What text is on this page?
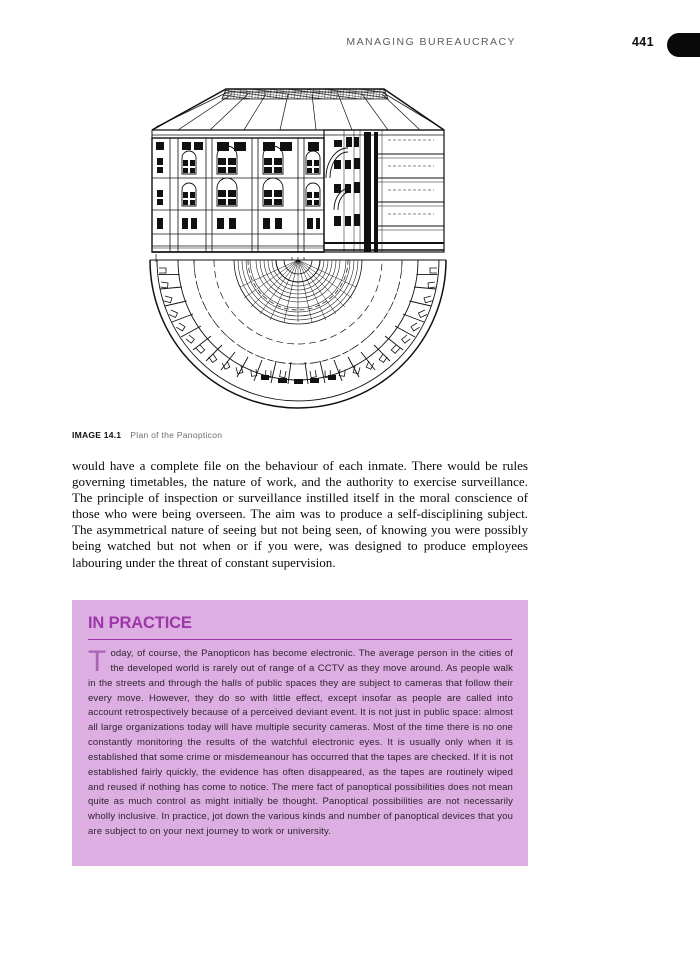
MANAGING BUREAUCRACY	441
IMAGE 14.1 Plan of the Panopticon
would have a complete file on the behaviour of each inmate. There would be rules governing timetables, the nature of work, and the authority to exercise surveillance. The principle of inspection or surveillance instilled itself in the moral conscience of those who were being overseen. The aim was to produce a self-disciplining subject. The asymmetrical nature of seeing but not being seen, of knowing you were possibly being watched but not when or if you were, was designed to produce employees labouring under the threat of constant supervision.
IN PRACTICE
Today, of course, the Panopticon has become electronic. The average person in the cities of the developed world is rarely out of range of a CCTV as they move around. As people walk in the streets and through the halls of public spaces they are subject to cameras that follow their every move. However, they do so with little effect, except insofar as people are called into account retrospectively because of a perceived deviant event. It is not just in public space: almost all large organizations today will have multiple security cameras. Most of the time there is no one constantly monitoring the results of the watchful electronic eyes. It is usually only when it is established that some crime or misdemeanour has occurred that the tapes are checked. If it is not established fairly quickly, the evidence has often disappeared, as the tapes are routinely wiped and reused if nothing has come to notice. The mere fact of panoptical possibilities does not mean quite as much control as might initially be thought. Panoptical possibilities are not necessarily wholly inclusive. In practice, jot down the various kinds and number of panoptical devices that you are subject to on your next journey to work or university.
